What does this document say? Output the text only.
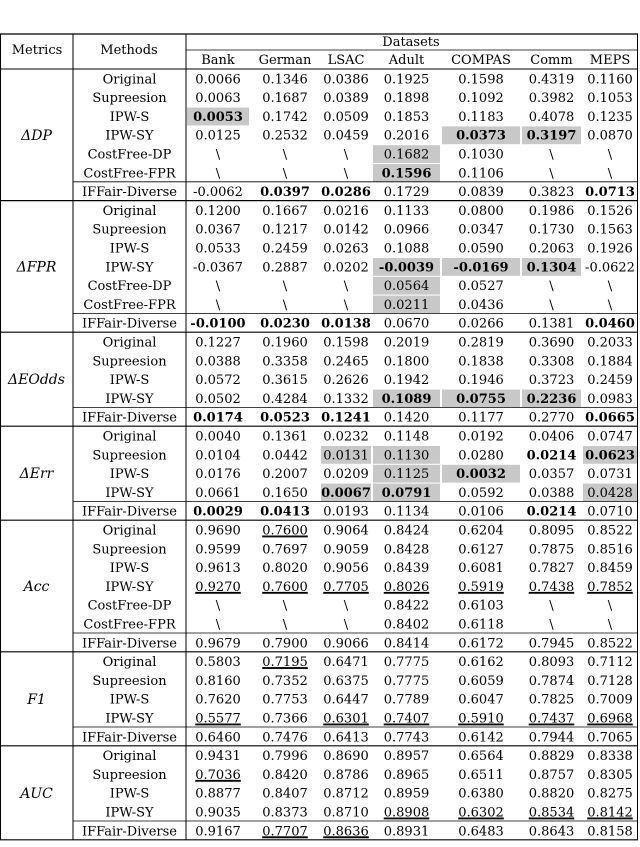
Metrics	Methods
Datasets
Bank German LSAC Adult COMPAS Comm MEPS
Original	0.0066 0.1346 0.0386 0.1925 0.1598 0.4319 0.1160
Supreesion 0.0063 0.1687 0.0389 0.1898 0.1092 0.3982 0.1053
IPW-S	0.0053 0.1742 0.0509 0.1853 0.1183 0.4078 0.1235
IPW-SY	0.0125 0.2532 0.0459 0.2016 0.0373 0.3197 0.0870
CostFree-DP	\	\	\	0.1682 0.1030	\	\
CostFree-FPR	\	\	\	0.1596 0.1106	\	\
IFFair-Diverse -0.0062 0.0397 0.0286 0.1729 0.0839 0.3823 0.0713
ΔDP
Original	0.1200 0.1667 0.0216 0.1133 0.0800 0.1986 0.1526
Supreesion 0.0367 0.1217 0.0142 0.0966 0.0347 0.1730 0.1563
IPW-S	0.0533 0.2459 0.0263 0.1088 0.0590 0.2063 0.1926
IPW-SY	-0.0367 0.2887 0.0202 -0.0039 -0.0169 0.1304 -0.0622
CostFree-DP	\	\	\	0.0564 0.0527	\	\
CostFree-FPR	\	\	\	0.0211 0.0436	\	\
IFFair-Diverse -0.0100 0.0230 0.0138 0.0670 0.0266 0.1381 0.0460
ΔFPR
Original	0.1227 0.1960 0.1598 0.2019 0.2819 0.3690 0.2033
Supreesion 0.0388 0.3358 0.2465 0.1800 0.1838 0.3308 0.1884
IPW-S	0.0572 0.3615 0.2626 0.1942 0.1946 0.3723 0.2459
IPW-SY	0.0502 0.4284 0.1332 0.1089 0.0755 0.2236 0.0983
IFFair-Diverse 0.0174 0.0523 0.1241 0.1420 0.1177 0.2770 0.0665
ΔEOdds
Original	0.0040 0.1361 0.0232 0.1148 0.0192 0.0406 0.0747
Supreesion 0.0104 0.0442 0.0131 0.1130 0.0280 0.0214 0.0623
IPW-S	0.0176 0.2007 0.0209 0.1125 0.0032 0.0357 0.0731
IPW-SY	0.0661 0.1650 0.0067 0.0791 0.0592 0.0388 0.0428
IFFair-Diverse 0.0029 0.0413 0.0193 0.1134 0.0106 0.0214 0.0710
ΔErr
Original	0.9690 0.7600 0.9064 0.8424 0.6204 0.8095 0.8522
Supreesion 0.9599 0.7697 0.9059 0.8428 0.6127 0.7875 0.8516
IPW-S	0.9613 0.8020 0.9056 0.8439 0.6081 0.7827 0.8459
IPW-SY	0.9270 0.7600 0.7705 0.8026 0.5919 0.7438 0.7852
CostFree-DP	\	\	\	0.8422 0.6103	\	\
CostFree-FPR	\	\	\	0.8402 0.6118	\	\
IFFair-Diverse 0.9679 0.7900 0.9066 0.8414 0.6172 0.7945 0.8522
Acc
Original	0.5803 0.7195 0.6471 0.7775 0.6162 0.8093 0.7112
Supreesion 0.8160 0.7352 0.6375 0.7775 0.6059 0.7874 0.7128
IPW-S	0.7620 0.7753 0.6447 0.7789 0.6047 0.7825 0.7009
IPW-SY	0.5577 0.7366 0.6301 0.7407 0.5910 0.7437 0.6968
IFFair-Diverse 0.6460 0.7476 0.6413 0.7743 0.6142 0.7944 0.7065
F1
Original	0.9431 0.7996 0.8690 0.8957 0.6564 0.8829 0.8338
Supreesion 0.7036 0.8420 0.8786 0.8965 0.6511 0.8757 0.8305
IPW-S	0.8877 0.8407 0.8712 0.8959 0.6380 0.8820 0.8275
IPW-SY	0.9035 0.8373 0.8710 0.8908 0.6302 0.8534 0.8142
IFFair-Diverse 0.9167 0.7707 0.8636 0.8931 0.6483 0.8643 0.8158
AUC
